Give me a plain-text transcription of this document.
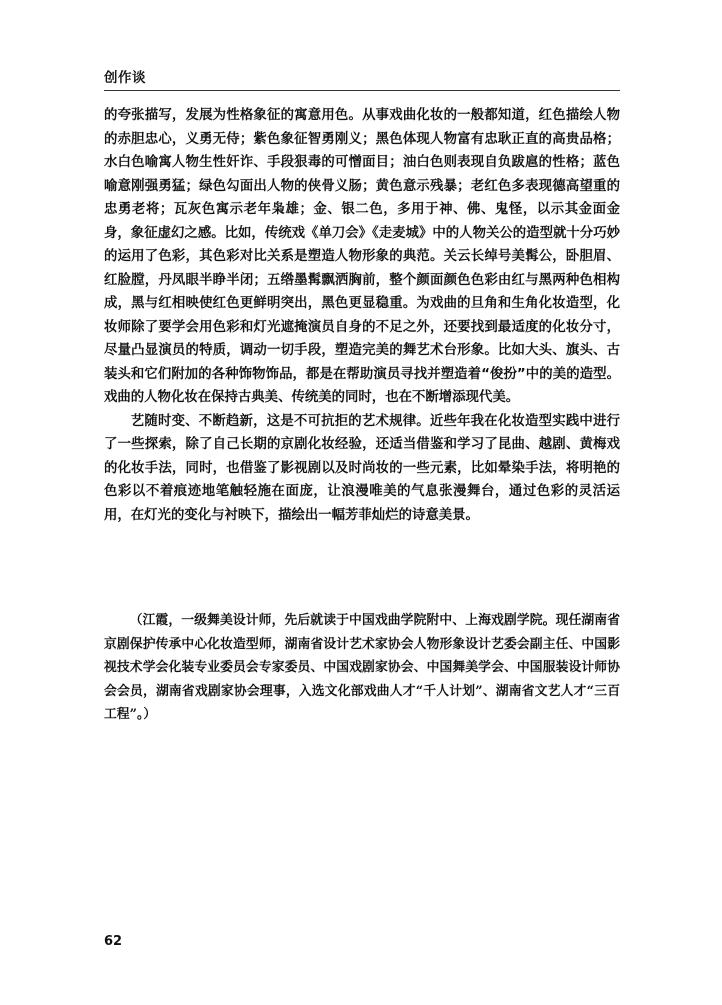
创作谈

的夸张描写，发展为性格象征的寓意用色。从事戏曲化妆的一般都知道，红色描绘人物的赤胆忠心，义勇无侍；紫色象征智勇刚义；黑色体现人物富有忠耿正直的高贵品格；水白色喻寓人物生性奸诈、手段狠毒的可憎面目；油白色则表现自负跋扈的性格；蓝色喻意刚强勇猛；绿色勾面出人物的侠骨义肠；黄色意示残暴；老红色多表现德高望重的忠勇老将；瓦灰色寓示老年枭雄；金、银二色，多用于神、佛、鬼怪，以示其金面金身，象征虚幻之感。比如，传统戏《单刀会》《走麦城》中的人物关公的造型就十分巧妙的运用了色彩，其色彩对比关系是塑造人物形象的典范。关云长绰号美髯公，卧胆眉、红脸膛，丹凤眼半睁半闭；五绺墨髯飘洒胸前，整个颜面颜色色彩由红与黑两种色相构成，黑与红相映使红色更鲜明突出，黑色更显稳重。为戏曲的旦角和生角化妆造型，化妆师除了要学会用色彩和灯光遮掩演员自身的不足之外，还要找到最适度的化妆分寸，尽量凸显演员的特质，调动一切手段，塑造完美的舞艺术台形象。比如大头、旗头、古装头和它们附加的各种饰物饰品，都是在帮助演员寻找并塑造着“俊扮”中的美的造型。戏曲的人物化妆在保持古典美、传统美的同时，也在不断增添现代美。

艺随时变、不断趋新，这是不可抗拒的艺术规律。近些年我在化妆造型实践中进行了一些探索，除了自己长期的京剧化妆经验，还适当借鉴和学习了昆曲、越剧、黄梅戏的化妆手法，同时，也借鉴了影视剧以及时尚妆的一些元素，比如晕染手法，将明艳的色彩以不着痕迹地笔触轻施在面庞，让浪漫唯美的气息张漫舞台，通过色彩的灵活运用，在灯光的变化与衬映下，描绘出一幅芳菲灿烂的诗意美景。

（江霞，一级舞美设计师，先后就读于中国戏曲学院附中、上海戏剧学院。现任湖南省京剧保护传承中心化妆造型师，湖南省设计艺术家协会人物形象设计艺委会副主任、中国影视技术学会化装专业委员会专家委员、中国戏剧家协会、中国舞美学会、中国服装设计师协会会员，湖南省戏剧家协会理事，入选文化部戏曲人才“千人计划”、湖南省文艺人才“三百工程”。）
62
